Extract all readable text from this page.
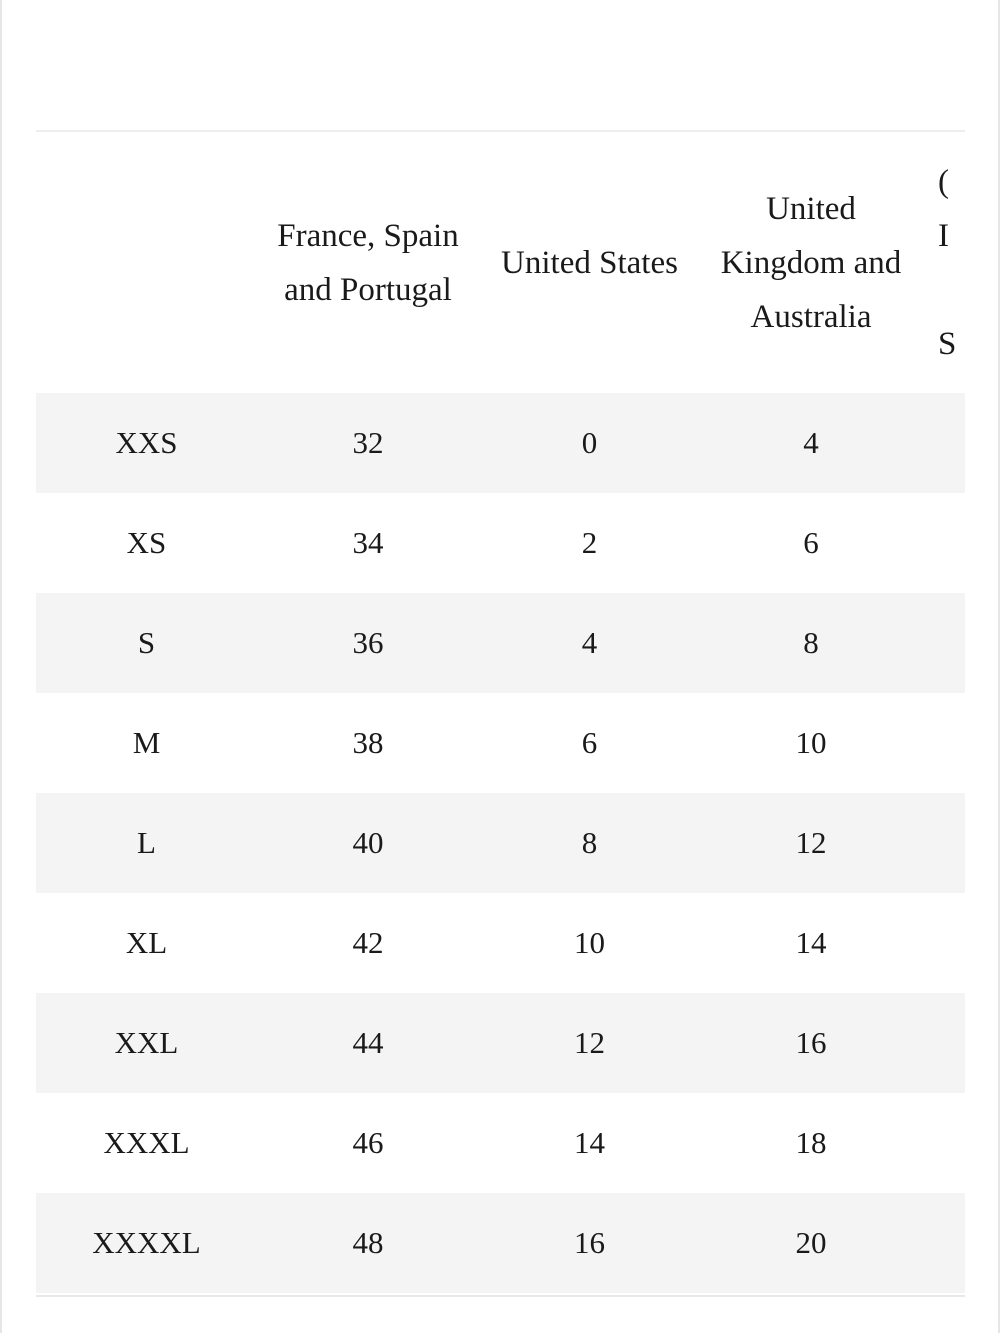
	France, Spain and Portugal	United States	United Kingdom and Australia	(
I

S

XXS	32	0	4	
XS	34	2	6	
S	36	4	8	
M	38	6	10	
L	40	8	12	
XL	42	10	14	
XXL	44	12	16	
XXXL	46	14	18	
XXXXL	48	16	20	
